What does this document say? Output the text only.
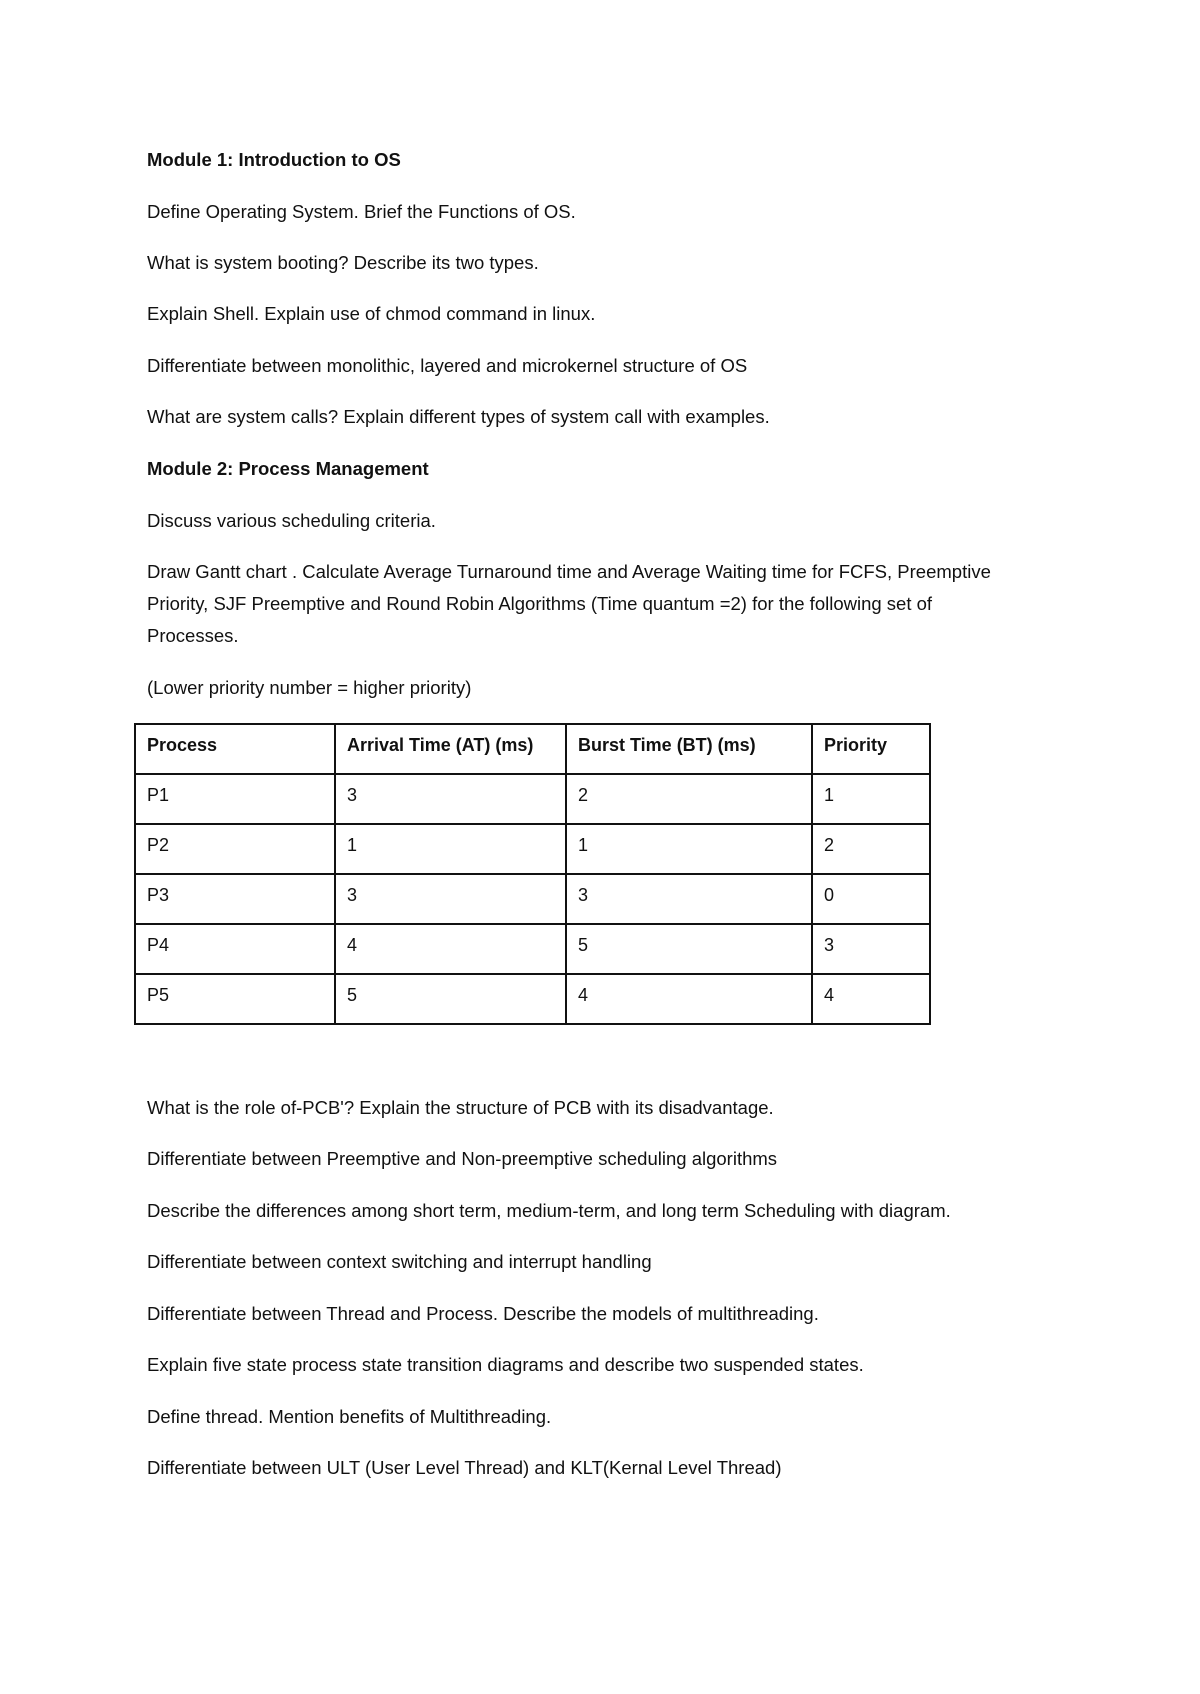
Module 1: Introduction to OS

Define Operating System. Brief the Functions of OS.

What is system booting? Describe its two types.

Explain Shell. Explain use of chmod command in linux.

Differentiate between monolithic, layered and microkernel structure of OS

What are system calls? Explain different types of system call with examples.

Module 2: Process Management

Discuss various scheduling criteria.

Draw Gantt chart . Calculate Average Turnaround time and Average Waiting time for FCFS, Preemptive Priority, SJF Preemptive and Round Robin Algorithms (Time quantum =2) for the following set of Processes.

(Lower priority number = higher priority)

Process	Arrival Time (AT) (ms)	Burst Time (BT) (ms)	Priority
P1	3	2	1
P2	1	1	2
P3	3	3	0
P4	4	5	3
P5	5	4	4

What is the role of-PCB'? Explain the structure of PCB with its disadvantage.

Differentiate between Preemptive and Non-preemptive scheduling algorithms

Describe the differences among short term, medium-term, and long term Scheduling with diagram.

Differentiate between context switching and interrupt handling

Differentiate between Thread and Process. Describe the models of multithreading.

Explain five state process state transition diagrams and describe two suspended states.

Define thread. Mention benefits of Multithreading.

Differentiate between ULT (User Level Thread) and KLT(Kernal Level Thread)
